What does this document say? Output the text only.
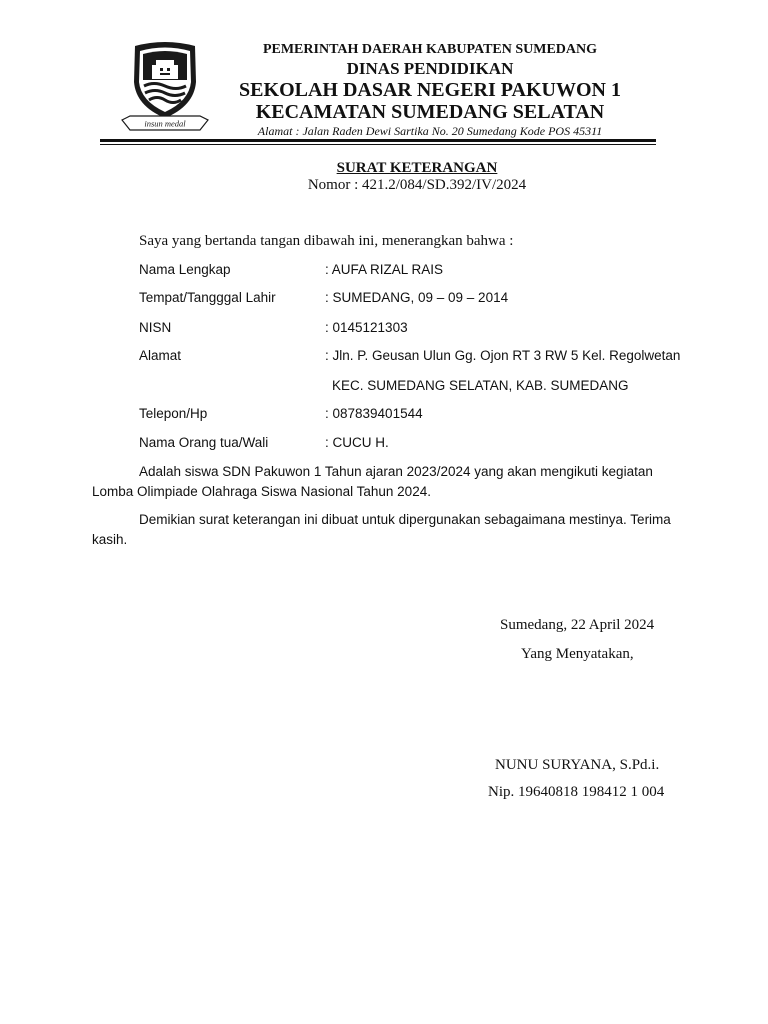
insun medal
PEMERINTAH DAERAH KABUPATEN SUMEDANG
DINAS PENDIDIKAN
SEKOLAH DASAR NEGERI PAKUWON 1
KECAMATAN SUMEDANG SELATAN
Alamat : Jalan Raden Dewi Sartika No. 20 Sumedang Kode POS 45311
SURAT KETERANGAN
Nomor : 421.2/084/SD.392/IV/2024
Saya yang bertanda tangan dibawah ini, menerangkan bahwa :
Nama Lengkap	: AUFA RIZAL RAIS
Tempat/Tangggal Lahir	: SUMEDANG, 09 – 09 – 2014
NISN	: 0145121303
Alamat	: Jln. P. Geusan Ulun Gg. Ojon RT 3 RW 5 Kel. Regolwetan
KEC. SUMEDANG SELATAN, KAB. SUMEDANG
Telepon/Hp	: 087839401544
Nama Orang tua/Wali	: CUCU H.
Adalah siswa SDN Pakuwon 1 Tahun ajaran 2023/2024 yang akan mengikuti kegiatan Lomba Olimpiade Olahraga Siswa Nasional Tahun 2024.
Demikian surat keterangan ini dibuat untuk dipergunakan sebagaimana mestinya. Terima kasih.
Sumedang, 22 April 2024
Yang Menyatakan,
NUNU SURYANA, S.Pd.i.
Nip. 19640818 198412 1 004
